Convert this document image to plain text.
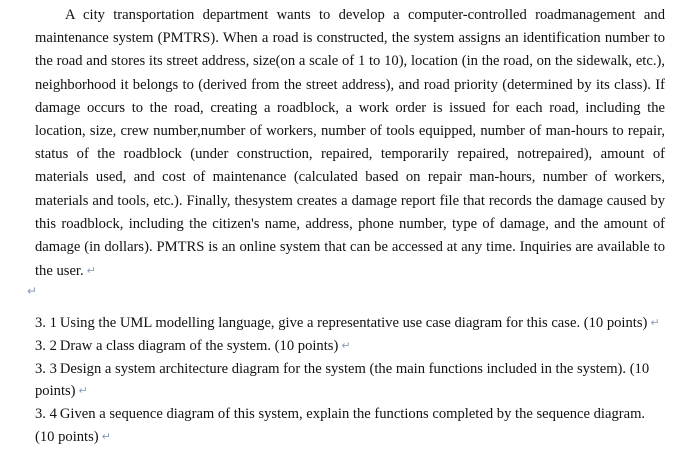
A city transportation department wants to develop a computer-controlled roadmanagement and maintenance system (PMTRS). When a road is constructed, the system assigns an identification number to the road and stores its street address, size(on a scale of 1 to 10), location (in the road, on the sidewalk, etc.), neighborhood it belongs to (derived from the street address), and road priority (determined by its class). If damage occurs to the road, creating a roadblock, a work order is issued for each road, including the location, size, crew number,number of workers, number of tools equipped, number of man-hours to repair, status of the roadblock (under construction, repaired, temporarily repaired, notrepaired), amount of materials used, and cost of maintenance (calculated based on repair man-hours, number of workers, materials and tools, etc.). Finally, thesystem creates a damage report file that records the damage caused by this roadblock, including the citizen's name, address, phone number, type of damage, and the amount of damage (in dollars). PMTRS is an online system that can be accessed at any time. Inquiries are available to the user. ↵
↵

3. 1 Using the UML modelling language, give a representative use case diagram for this case. (10 points) ↵

3. 2 Draw a class diagram of the system. (10 points) ↵

3. 3 Design a system architecture diagram for the system (the main functions included in the system). (10 points) ↵

3. 4 Given a sequence diagram of this system, explain the functions completed by the sequence diagram. (10 points) ↵
